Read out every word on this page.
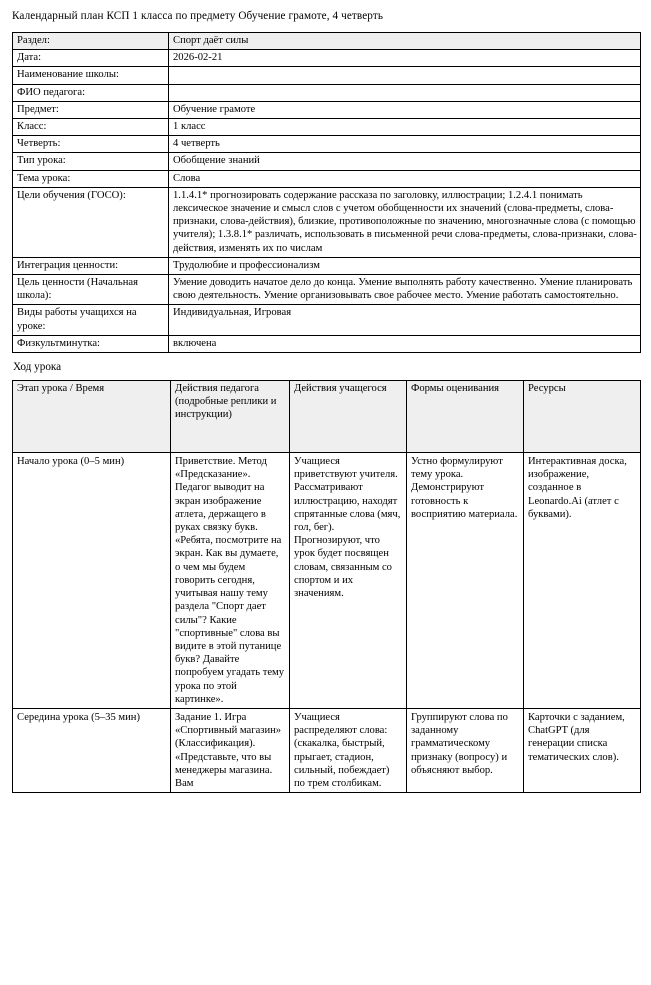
Календарный план КСП 1 класса по предмету Обучение грамоте, 4 четверть
Раздел:	Спорт даёт силы
Дата:	2026-02-21
Наименование школы:	
ФИО педагога:	
Предмет:	Обучение грамоте
Класс:	1 класс
Четверть:	4 четверть
Тип урока:	Обобщение знаний
Тема урока:	Слова
Цели обучения (ГОСО):	1.1.4.1* прогнозировать содержание рассказа по заголовку, иллюстрации; 1.2.4.1 понимать лексическое значение и смысл слов с учетом обобщенности их значений (слова-предметы, слова-признаки, слова-действия), близкие, противоположные по значению, многозначные слова (с помощью учителя); 1.3.8.1* различать, использовать в письменной речи слова-предметы, слова-признаки, слова-действия, изменять их по числам
Интеграция ценности:	Трудолюбие и профессионализм
Цель ценности (Начальная школа):	Умение доводить начатое дело до конца. Умение выполнять работу качественно. Умение планировать свою деятельность. Умение организовывать свое рабочее место. Умение работать самостоятельно.
Виды работы учащихся на уроке:	Индивидуальная, Игровая
Физкультминутка:	включена
Ход урока
Этап урока / Время	Действия педагога (подробные реплики и инструкции)	Действия учащегося	Формы оценивания	Ресурсы
Начало урока (0–5 мин)	Приветствие. Метод «Предсказание». Педагог выводит на экран изображение атлета, держащего в руках связку букв. «Ребята, посмотрите на экран. Как вы думаете, о чем мы будем говорить сегодня, учитывая нашу тему раздела "Спорт дает силы"? Какие "спортивные" слова вы видите в этой путанице букв? Давайте попробуем угадать тему урока по этой картинке».	Учащиеся приветствуют учителя. Рассматривают иллюстрацию, находят спрятанные слова (мяч, гол, бег). Прогнозируют, что урок будет посвящен словам, связанным со спортом и их значениям.	Устно формулируют тему урока. Демонстрируют готовность к восприятию материала.	Интерактивная доска, изображение, созданное в Leonardo.Ai (атлет с буквами).
Середина урока (5–35 мин)	Задание 1. Игра «Спортивный магазин» (Классификация). «Представьте, что вы менеджеры магазина. Вам	Учащиеся распределяют слова: (скакалка, быстрый, прыгает, стадион, сильный, побеждает) по трем столбикам.	Группируют слова по заданному грамматическому признаку (вопросу) и объясняют выбор.	Карточки с заданием, ChatGPT (для генерации списка тематических слов).
